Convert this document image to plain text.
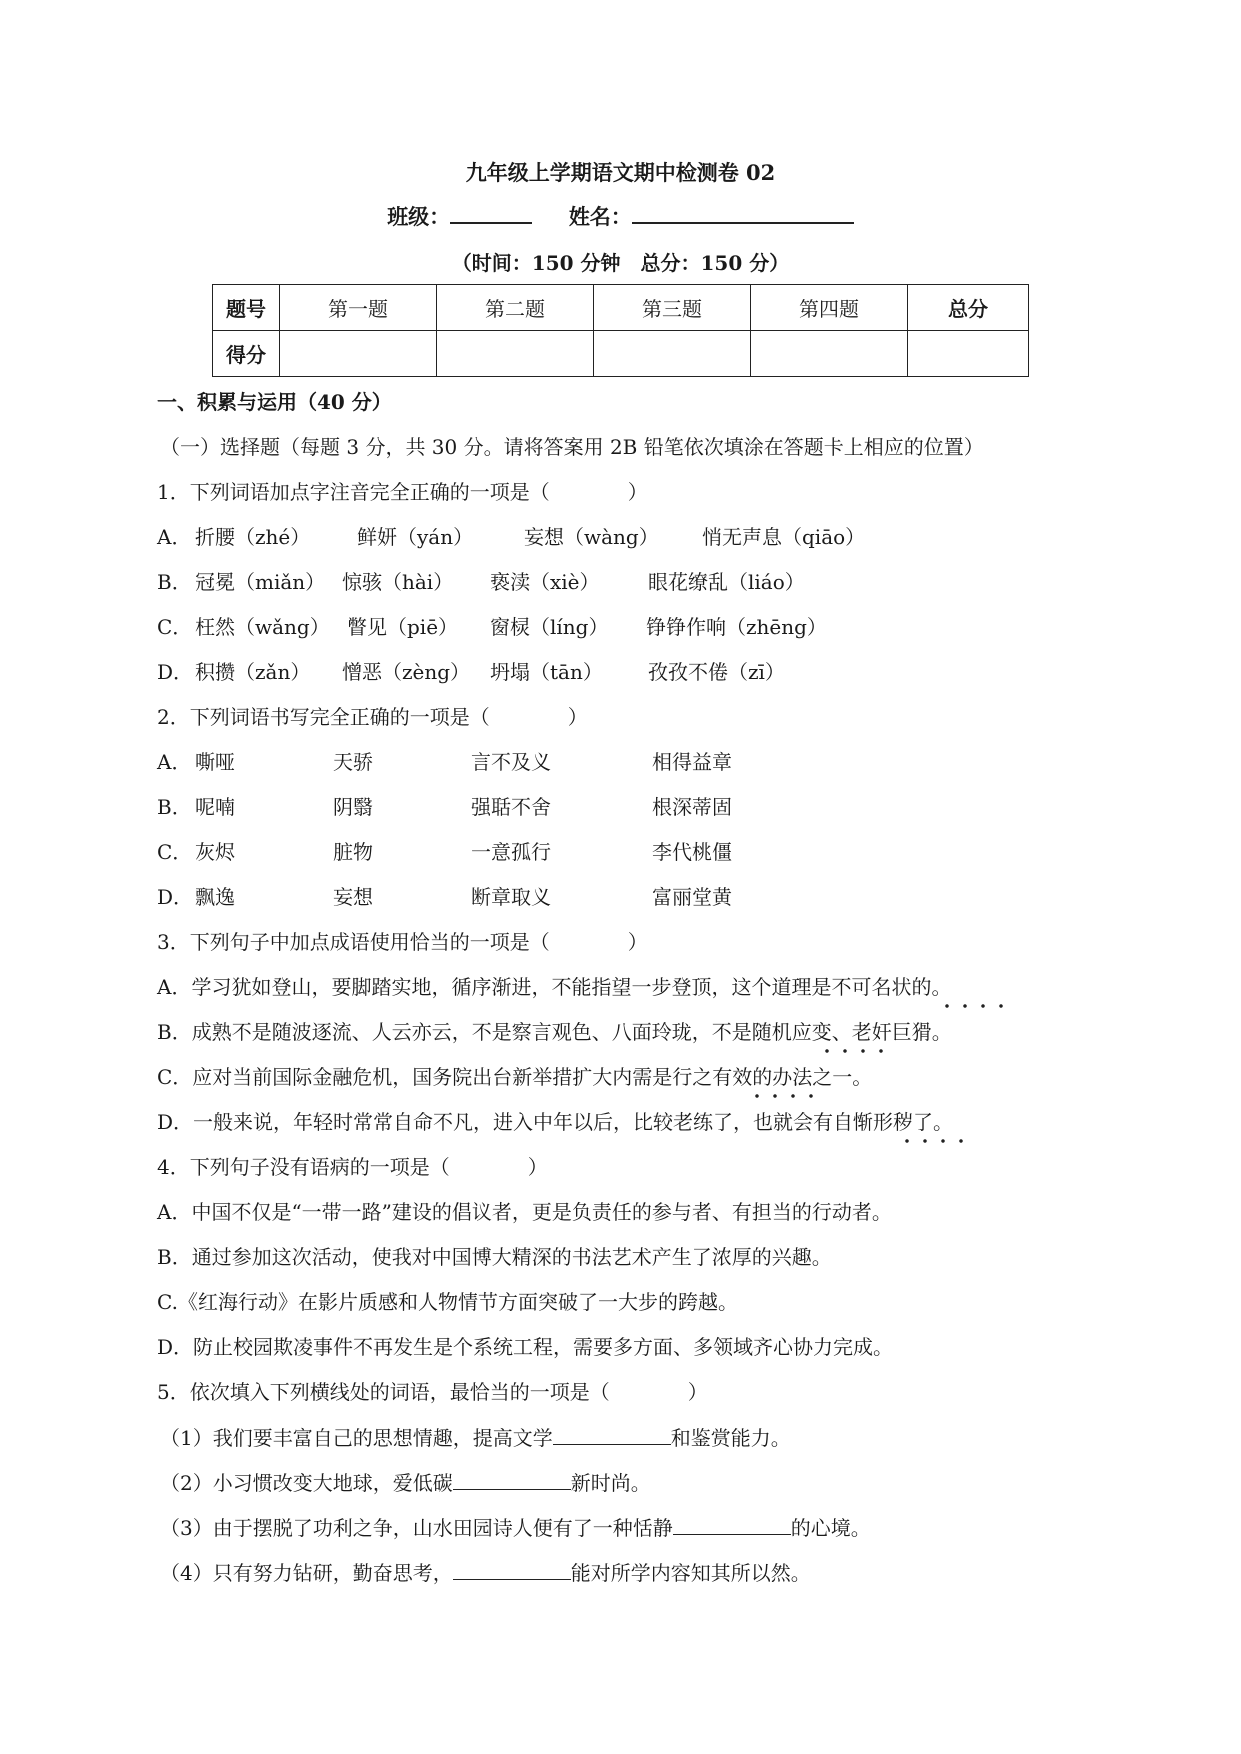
九年级上学期语文期中检测卷 02
班级：	姓名：
（时间：150 分钟　总分：150 分）
题号	第一题	第二题	第三题	第四题	总分
得分					
一、积累与运用（40 分）
（一）选择题（每题 3 分，共 30 分。请将答案用 2B 铅笔依次填涂在答题卡上相应的位置）
1．下列词语加点字注音完全正确的一项是（	）
A． 折腰（zhé） 鲜妍（yán）	妄想（wàng） 悄无声息（qiāo）
B． 冠冕（miǎn） 惊骇（hài） 亵渎（xiè） 眼花缭乱（liáo）
C． 枉然（wǎng） 瞥见（piē） 窗棂（líng） 铮铮作响（zhēng）
D． 积攒（zǎn） 憎恶（zèng） 坍塌（tān） 孜孜不倦（zī）
2．下列词语书写完全正确的一项是（	）
A． 嘶哑	天骄	言不及义	相得益章
B． 呢喃	阴翳	强聒不舍	根深蒂固
C． 灰烬	脏物	一意孤行	李代桃僵
D． 飘逸	妄想	断章取义	富丽堂黄
3．下列句子中加点成语使用恰当的一项是（	）
A．学习犹如登山，要脚踏实地，循序渐进，不能指望一步登顶，这个道理是不可名状的。
B．成熟不是随波逐流、人云亦云，不是察言观色、八面玲珑，不是随机应变、老奸巨猾。
C．应对当前国际金融危机，国务院出台新举措扩大内需是行之有效的办法之一。
D．一般来说，年轻时常常自命不凡，进入中年以后，比较老练了，也就会有自惭形秽了。
4．下列句子没有语病的一项是（	）
A．中国不仅是“一带一路”建设的倡议者，更是负责任的参与者、有担当的行动者。
B．通过参加这次活动，使我对中国博大精深的书法艺术产生了浓厚的兴趣。
C.《红海行动》在影片质感和人物情节方面突破了一大步的跨越。
D．防止校园欺凌事件不再发生是个系统工程，需要多方面、多领域齐心协力完成。
5．依次填入下列横线处的词语，最恰当的一项是（	）
（1）我们要丰富自己的思想情趣，提高文学	和鉴赏能力。
（2）小习惯改变大地球，爱低碳	新时尚。
（3）由于摆脱了功利之争，山水田园诗人便有了一种恬静	的心境。
（4）只有努力钻研，勤奋思考，	能对所学内容知其所以然。
